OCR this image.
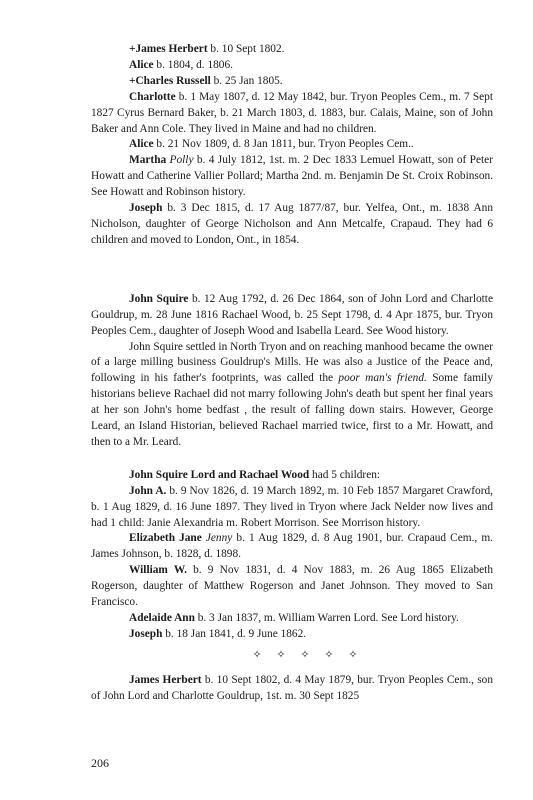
+James Herbert b. 10 Sept 1802.

Alice b. 1804, d. 1806.

+Charles Russell b. 25 Jan 1805.

Charlotte b. 1 May 1807, d. 12 May 1842, bur. Tryon Peoples Cem., m. 7 Sept 1827 Cyrus Bernard Baker, b. 21 March 1803, d. 1883, bur. Calais, Maine, son of John Baker and Ann Cole. They lived in Maine and had no children.

Alice b. 21 Nov 1809, d. 8 Jan 1811, bur. Tryon Peoples Cem..

Martha Polly b. 4 July 1812, 1st. m. 2 Dec 1833 Lemuel Howatt, son of Peter Howatt and Catherine Vallier Pollard; Martha 2nd. m. Benjamin De St. Croix Robinson. See Howatt and Robinson history.

Joseph b. 3 Dec 1815, d. 17 Aug 1877/87, bur. Yelfea, Ont., m. 1838 Ann Nicholson, daughter of George Nicholson and Ann Metcalfe, Crapaud. They had 6 children and moved to London, Ont., in 1854.

John Squire b. 12 Aug 1792, d. 26 Dec 1864, son of John Lord and Charlotte Gouldrup, m. 28 June 1816 Rachael Wood, b. 25 Sept 1798, d. 4 Apr 1875, bur. Tryon Peoples Cem., daughter of Joseph Wood and Isabella Leard. See Wood history.

John Squire settled in North Tryon and on reaching manhood became the owner of a large milling business Gouldrup's Mills. He was also a Justice of the Peace and, following in his father's footprints, was called the poor man's friend. Some family historians believe Rachael did not marry following John's death but spent her final years at her son John's home bedfast , the result of falling down stairs. However, George Leard, an Island Historian, believed Rachael married twice, first to a Mr. Howatt, and then to a Mr. Leard.

John Squire Lord and Rachael Wood had 5 children:

John A. b. 9 Nov 1826, d. 19 March 1892, m. 10 Feb 1857 Margaret Crawford, b. 1 Aug 1829, d. 16 June 1897. They lived in Tryon where Jack Nelder now lives and had 1 child: Janie Alexandria m. Robert Morrison. See Morrison history.

Elizabeth Jane Jenny b. 1 Aug 1829, d. 8 Aug 1901, bur. Crapaud Cem., m. James Johnson, b. 1828, d. 1898.

William W. b. 9 Nov 1831, d. 4 Nov 1883, m. 26 Aug 1865 Elizabeth Rogerson, daughter of Matthew Rogerson and Janet Johnson. They moved to San Francisco.

Adelaide Ann b. 3 Jan 1837, m. William Warren Lord. See Lord history.

Joseph b. 18 Jan 1841, d. 9 June 1862.

✧ ✧ ✧ ✧ ✧

James Herbert b. 10 Sept 1802, d. 4 May 1879, bur. Tryon Peoples Cem., son of John Lord and Charlotte Gouldrup, 1st. m. 30 Sept 1825

206
